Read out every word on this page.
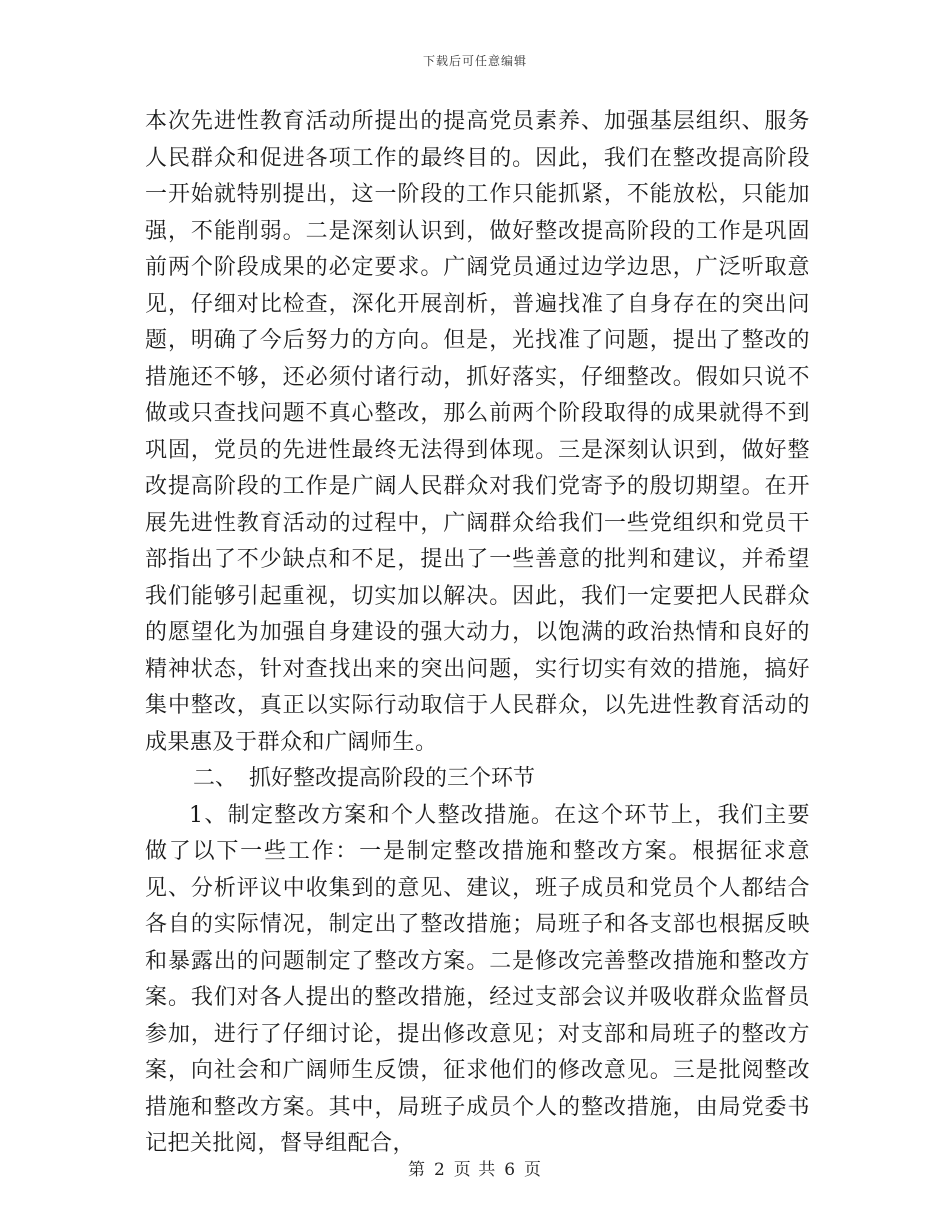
下载后可任意编辑

本次先进性教育活动所提出的提高党员素养、加强基层组织、服务人民群众和促进各项工作的最终目的。因此，我们在整改提高阶段一开始就特别提出，这一阶段的工作只能抓紧，不能放松，只能加强，不能削弱。二是深刻认识到，做好整改提高阶段的工作是巩固前两个阶段成果的必定要求。广阔党员通过边学边思，广泛听取意见，仔细对比检查，深化开展剖析，普遍找准了自身存在的突出问题，明确了今后努力的方向。但是，光找准了问题，提出了整改的措施还不够，还必须付诸行动，抓好落实，仔细整改。假如只说不做或只查找问题不真心整改，那么前两个阶段取得的成果就得不到巩固，党员的先进性最终无法得到体现。三是深刻认识到，做好整改提高阶段的工作是广阔人民群众对我们党寄予的殷切期望。在开展先进性教育活动的过程中，广阔群众给我们一些党组织和党员干部指出了不少缺点和不足，提出了一些善意的批判和建议，并希望我们能够引起重视，切实加以解决。因此，我们一定要把人民群众的愿望化为加强自身建设的强大动力，以饱满的政治热情和良好的精神状态，针对查找出来的突出问题，实行切实有效的措施，搞好集中整改，真正以实际行动取信于人民群众，以先进性教育活动的成果惠及于群众和广阔师生。

二、 抓好整改提高阶段的三个环节

1、制定整改方案和个人整改措施。在这个环节上，我们主要做了以下一些工作：一是制定整改措施和整改方案。根据征求意见、分析评议中收集到的意见、建议，班子成员和党员个人都结合各自的实际情况，制定出了整改措施；局班子和各支部也根据反映和暴露出的问题制定了整改方案。二是修改完善整改措施和整改方案。我们对各人提出的整改措施，经过支部会议并吸收群众监督员参加，进行了仔细讨论，提出修改意见；对支部和局班子的整改方案，向社会和广阔师生反馈，征求他们的修改意见。三是批阅整改措施和整改方案。其中，局班子成员个人的整改措施，由局党委书记把关批阅，督导组配合，

第 2 页 共 6 页
